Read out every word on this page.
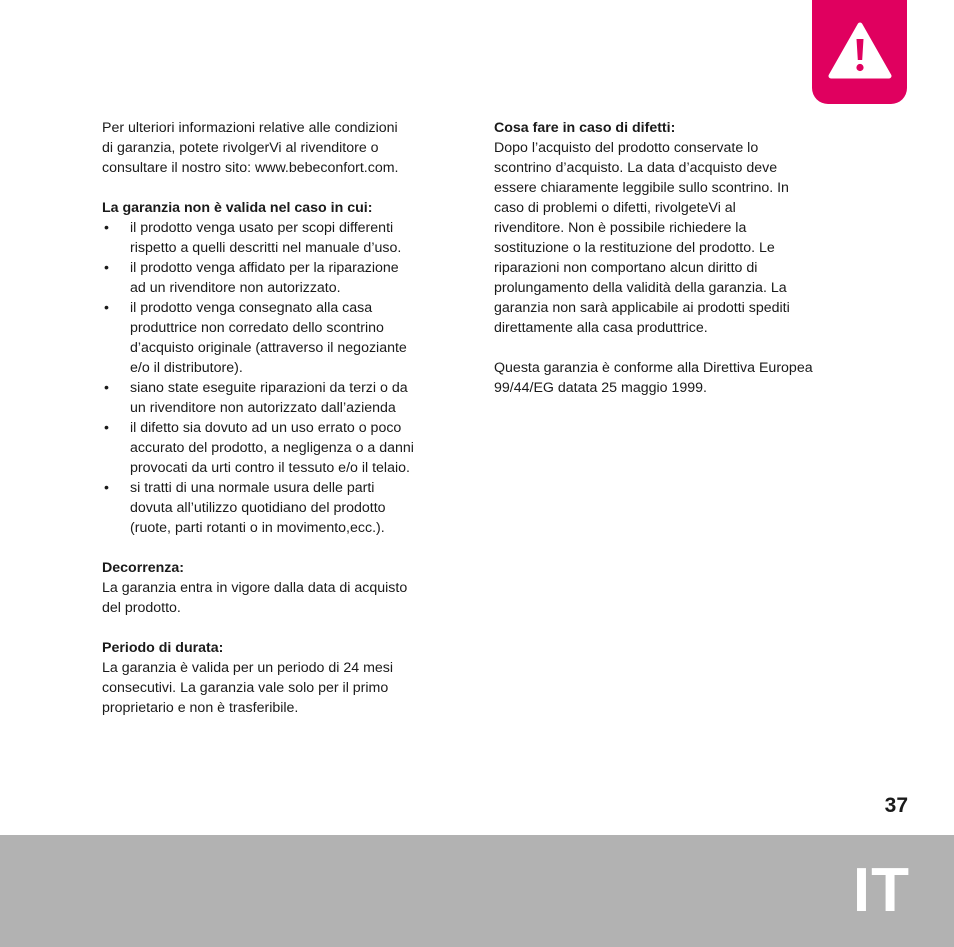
Per ulteriori informazioni relative alle condizioni
di garanzia, potete rivolgerVi al rivenditore o
consultare il nostro sito: www.bebeconfort.com.

La garanzia non è valida nel caso in cui:

• il prodotto venga usato per scopi differenti
rispetto a quelli descritti nel manuale d’uso.
• il prodotto venga affidato per la riparazione
ad un rivenditore non autorizzato.
• il prodotto venga consegnato alla casa
produttrice non corredato dello scontrino
d’acquisto originale (attraverso il negoziante
e/o il distributore).
• siano state eseguite riparazioni da terzi o da
un rivenditore non autorizzato dall’azienda
• il difetto sia dovuto ad un uso errato o poco
accurato del prodotto, a negligenza o a danni
provocati da urti contro il tessuto e/o il telaio.
• si tratti di una normale usura delle parti
dovuta all’utilizzo quotidiano del prodotto
(ruote, parti rotanti o in movimento,ecc.).

Decorrenza:

La garanzia entra in vigore dalla data di acquisto
del prodotto.

Periodo di durata:

La garanzia è valida per un periodo di 24 mesi
consecutivi. La garanzia vale solo per il primo
proprietario e non è trasferibile.

Cosa fare in caso di difetti:

Dopo l’acquisto del prodotto conservate lo
scontrino d’acquisto. La data d’acquisto deve
essere chiaramente leggibile sullo scontrino. In
caso di problemi o difetti, rivolgeteVi al
rivenditore. Non è possibile richiedere la
sostituzione o la restituzione del prodotto. Le
riparazioni non comportano alcun diritto di
prolungamento della validità della garanzia. La
garanzia non sarà applicabile ai prodotti spediti
direttamente alla casa produttrice.

Questa garanzia è conforme alla Direttiva Europea
99/44/EG datata 25 maggio 1999.

37
IT
